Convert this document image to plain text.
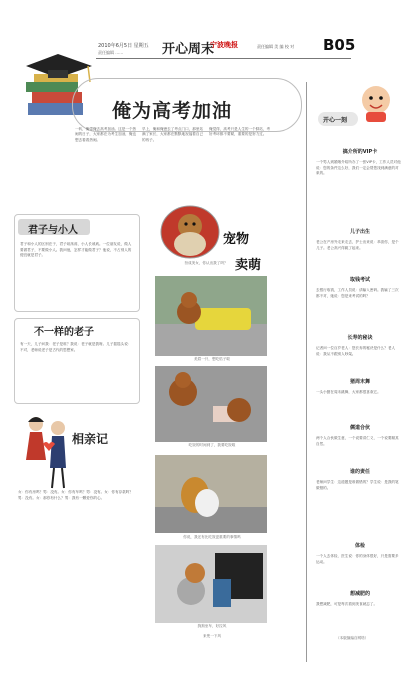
2010年6月5日 星期五
责任编辑 ……	开心周末
宁波晚报	责任编辑 美 编 校 对	B05
俺为高考加油
一转，俺带俺去高考加油。这是一个热闹的日子，大家都在为考生加油，俺也想去看看热闹。
早上，俺和俺爸去了考点门口，那里站满了家长，大家都在默默地祝福着自己的孩子。
俺觉得，高考只是人生的一个驿站，考好考坏都不要紧，重要的是努力过。
君子与小人
君子和小人的区别在于，君子坦荡荡，小人长戚戚。一位朋友说，做人要做君子，不要做小人。我问他，怎样才能做君子？他说，不占别人的便宜就是君子。
不一样的老子
有一天，儿子问我：老子是谁？我说：老子就是我呀。儿子摇摇头说：不对，老师说老子是古代的思想家。
相亲记
女：你有房吗？男：没有。女：你有车吗？男：没有。女：你有存款吗？男：没有。女：那你有什么？男：我有一颗爱你的心。
扮成美女，你认出我了吗？
宠物
卖萌
美眉一只，想吃桔子啦
吃饭的时间到了，我要吃饭啦
你说，我还有比吃饭更重要的事情吗
狗狗坐车，好拉风
来兜一下风
开心一刻
搞介所的VIP卡
一个男人到婚姻介绍所办了一张VIP卡，工作人员对他说：您的条件这么好，我们一定会帮您找到满意的对象的。
儿子出生
老公在产房外走来走去，护士出来说：恭喜你，是个儿子。老公高兴得跳了起来。
取钱考试
去银行取钱，工作人员说：请输入密码。我输了三次都不对，她说：您是来考试的吗？
长寿的秘诀
记者问一位百岁老人：您长寿的秘诀是什么？老人说：我从不跟别人吵架。
猪周末舞
一头小猪在周末跳舞，大家都很喜欢它。
儒道合伙
两个人合伙做生意，一个说要讲仁义，一个说要顺其自然。
谁的责任
老师问学生：这道题是谁做错的？学生说：是我的笔做错的。
体检
一个人去体检，医生说：你的身体很好，只是需要多运动。
想减肥的
我想减肥，可是每次看到美食就忘了。
（本版摘编自网络）
